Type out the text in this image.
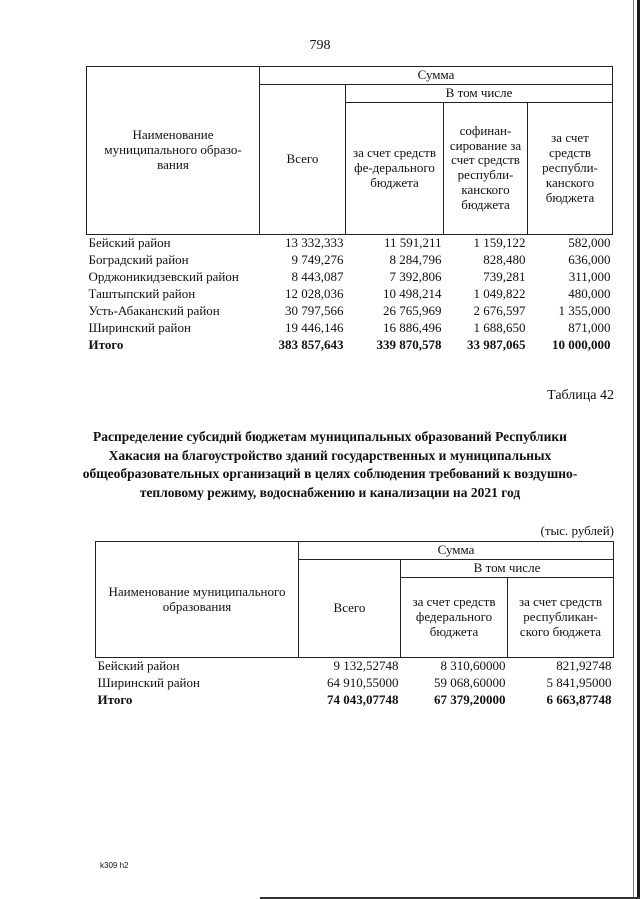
798
Наименование муниципального образо-вания	Сумма			
	Всего	В том числе		
		за счет средств фе-дерального бюджета	софинан-сирование за счет средств республи-канского бюджета	за счет средств республи-канского бюджета
Бейский район	13 332,333	11 591,211	1 159,122	582,000
Боградский район	9 749,276	8 284,796	828,480	636,000
Орджоникидзевский район	8 443,087	7 392,806	739,281	311,000
Таштыпский район	12 028,036	10 498,214	1 049,822	480,000
Усть-Абаканский район	30 797,566	26 765,969	2 676,597	1 355,000
Ширинский район	19 446,146	16 886,496	1 688,650	871,000
Итого	383 857,643	339 870,578	33 987,065	10 000,000
Таблица 42
Распределение субсидий бюджетам муниципальных образований Республики Хакасия на благоустройство зданий государственных и муниципальных общеобразовательных организаций в целях соблюдения требований к воздушно-тепловому режиму, водоснабжению и канализации на 2021 год
(тыс. рублей)
Наименование муниципального образования	Сумма		
	Всего	В том числе	
		за счет средств федерального бюджета	за счет средств республикан-ского бюджета
Бейский район	9 132,52748	8 310,60000	821,92748
Ширинский район	64 910,55000	59 068,60000	5 841,95000
Итого	74 043,07748	67 379,20000	6 663,87748
k309 h2
